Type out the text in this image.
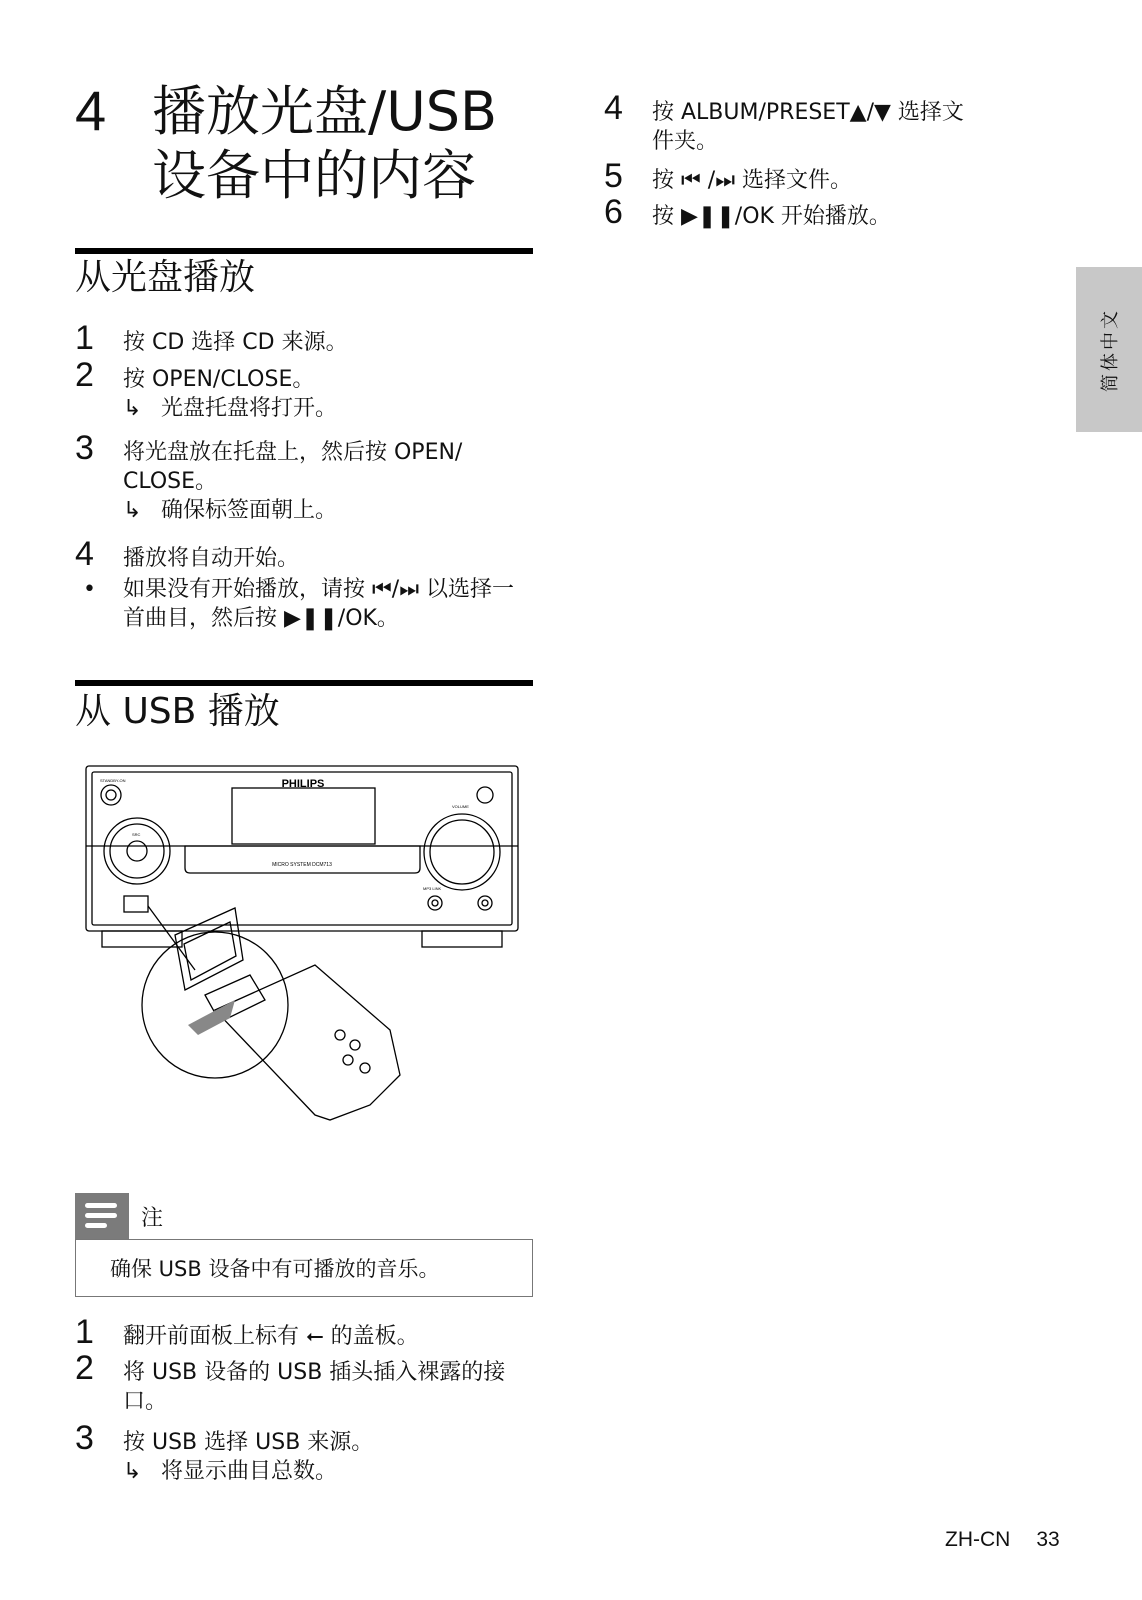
4 播放光盘/USB
设备中的内容
简体中文
从光盘播放
1 按 CD 选择 CD 来源。
2 按 OPEN/CLOSE。
↳ 光盘托盘将打开。
3 将光盘放在托盘上，然后按 OPEN/ CLOSE。
↳ 确保标签面朝上。
4 播放将自动开始。
• 如果没有开始播放，请按 ⏮/⏭ 以选择一首曲目，然后按 ▶❚❚/OK。
从 USB 播放
PHILIPS
MICRO SYSTEM DCM713
STANDBY-ON
VOLUME
SRC
MP3 LINK
注
确保 USB 设备中有可播放的音乐。
1 翻开前面板上标有 ⭠ 的盖板。
2 将 USB 设备的 USB 插头插入裸露的接口。
3 按 USB 选择 USB 来源。
↳ 将显示曲目总数。
4 按 ALBUM/PRESET▲/▼ 选择文件夹。
5 按 ⏮ /⏭ 选择文件。
6 按 ▶❚❚/OK 开始播放。
ZH-CN 33
